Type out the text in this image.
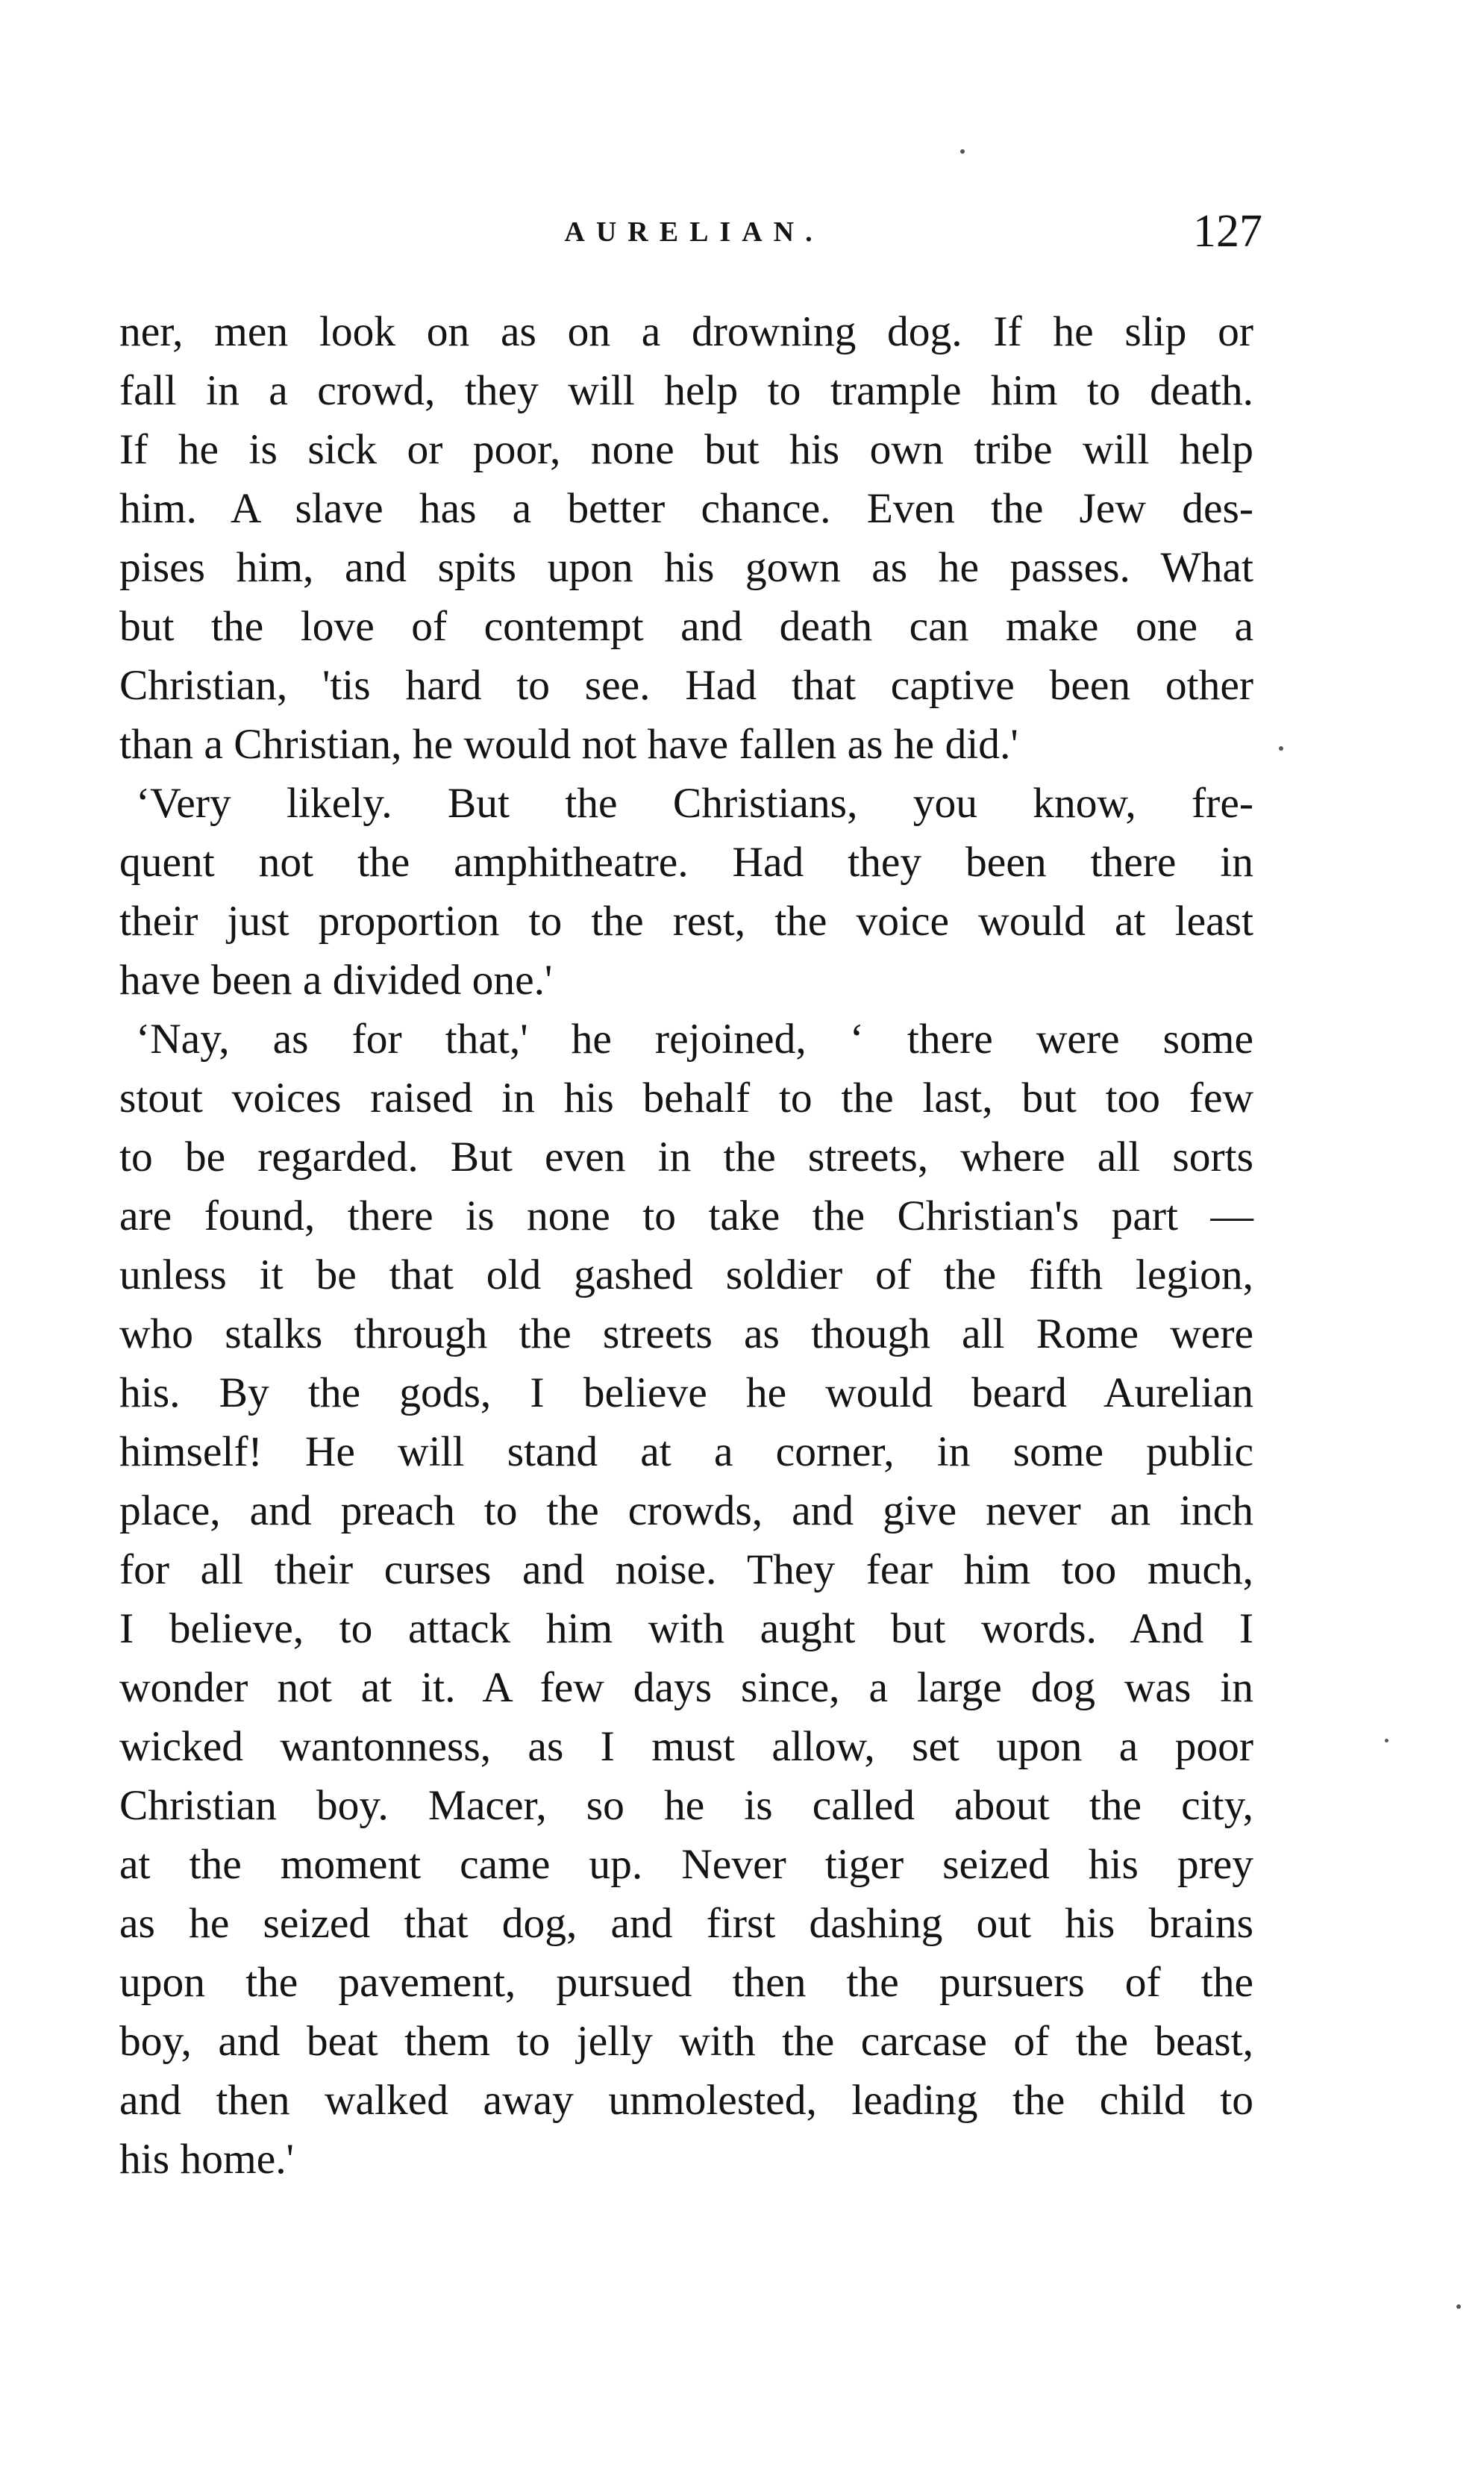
AURELIAN.	127
ner, men look on as on a drowning dog. If he slip or
fall in a crowd, they will help to trample him to death.
If he is sick or poor, none but his own tribe will help
him. A slave has a better chance. Even the Jew des-
pises him, and spits upon his gown as he passes. What
but the love of contempt and death can make one a
Christian, 'tis hard to see. Had that captive been other
than a Christian, he would not have fallen as he did.'
‘Very likely. But the Christians, you know, fre-
quent not the amphitheatre. Had they been there in
their just proportion to the rest, the voice would at least
have been a divided one.'
‘Nay, as for that,' he rejoined, ‘ there were some
stout voices raised in his behalf to the last, but too few
to be regarded. But even in the streets, where all sorts
are found, there is none to take the Christian's part —
unless it be that old gashed soldier of the fifth legion,
who stalks through the streets as though all Rome were
his. By the gods, I believe he would beard Aurelian
himself! He will stand at a corner, in some public
place, and preach to the crowds, and give never an inch
for all their curses and noise. They fear him too much,
I believe, to attack him with aught but words. And I
wonder not at it. A few days since, a large dog was in
wicked wantonness, as I must allow, set upon a poor
Christian boy. Macer, so he is called about the city,
at the moment came up. Never tiger seized his prey
as he seized that dog, and first dashing out his brains
upon the pavement, pursued then the pursuers of the
boy, and beat them to jelly with the carcase of the beast,
and then walked away unmolested, leading the child to
his home.'
